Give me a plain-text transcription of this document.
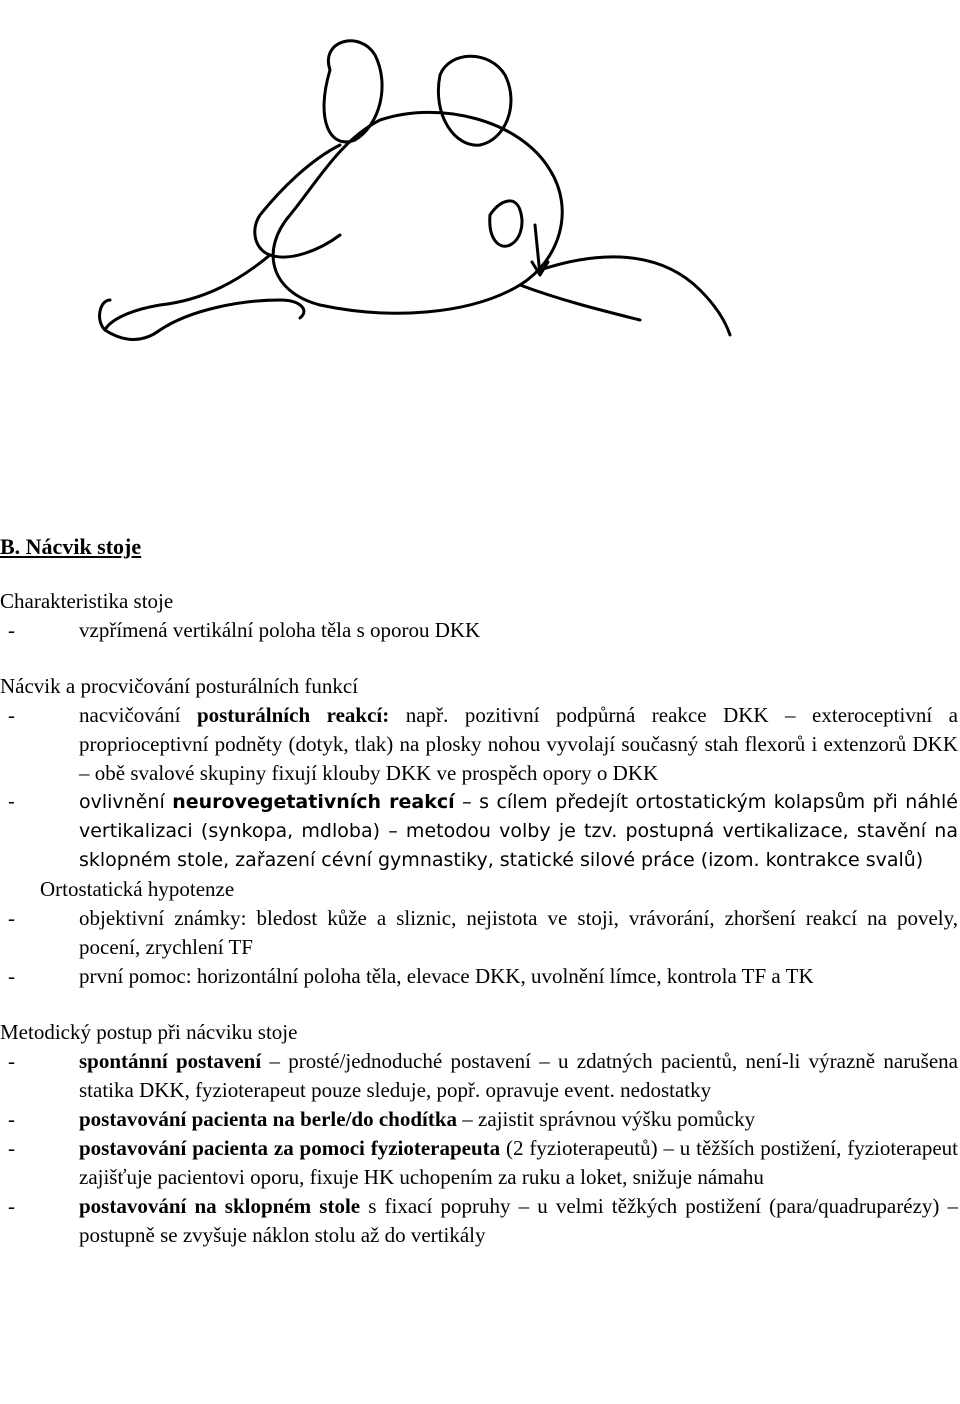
B. Nácvik stoje

Charakteristika stoje

-	vzpřímená vertikální poloha těla s oporou DKK

Nácvik a procvičování posturálních funkcí

-	nacvičování posturálních reakcí: např. pozitivní podpůrná reakce DKK – exteroceptivní a proprioceptivní podněty (dotyk, tlak) na plosky nohou vyvolají současný stah flexorů i extenzorů DKK – obě svalové skupiny fixují klouby DKK ve prospěch opory o DKK
-	ovlivnění neurovegetativních reakcí – s cílem předejít ortostatickým kolapsům při náhlé vertikalizaci (synkopa, mdloba) – metodou volby je tzv. postupná vertikalizace, stavění na sklopném stole, zařazení cévní gymnastiky, statické silové práce (izom. kontrakce svalů)

Ortostatická hypotenze

-	objektivní známky: bledost kůže a sliznic, nejistota ve stoji, vrávorání, zhoršení reakcí na povely, pocení, zrychlení TF
-	první pomoc: horizontální poloha těla, elevace DKK, uvolnění límce, kontrola TF a TK

Metodický postup při nácviku stoje

-	spontánní postavení – prosté/jednoduché postavení – u zdatných pacientů, není-li výrazně narušena statika DKK, fyzioterapeut pouze sleduje, popř. opravuje event. nedostatky
-	postavování pacienta na berle/do chodítka – zajistit správnou výšku pomůcky
-	postavování pacienta za pomoci fyzioterapeuta (2 fyzioterapeutů) – u těžších postižení, fyzioterapeut zajišťuje pacientovi oporu, fixuje HK uchopením za ruku a loket, snižuje námahu
-	postavování na sklopném stole s fixací popruhy – u velmi těžkých postižení (para/quadruparézy) – postupně se zvyšuje náklon stolu až do vertikály
